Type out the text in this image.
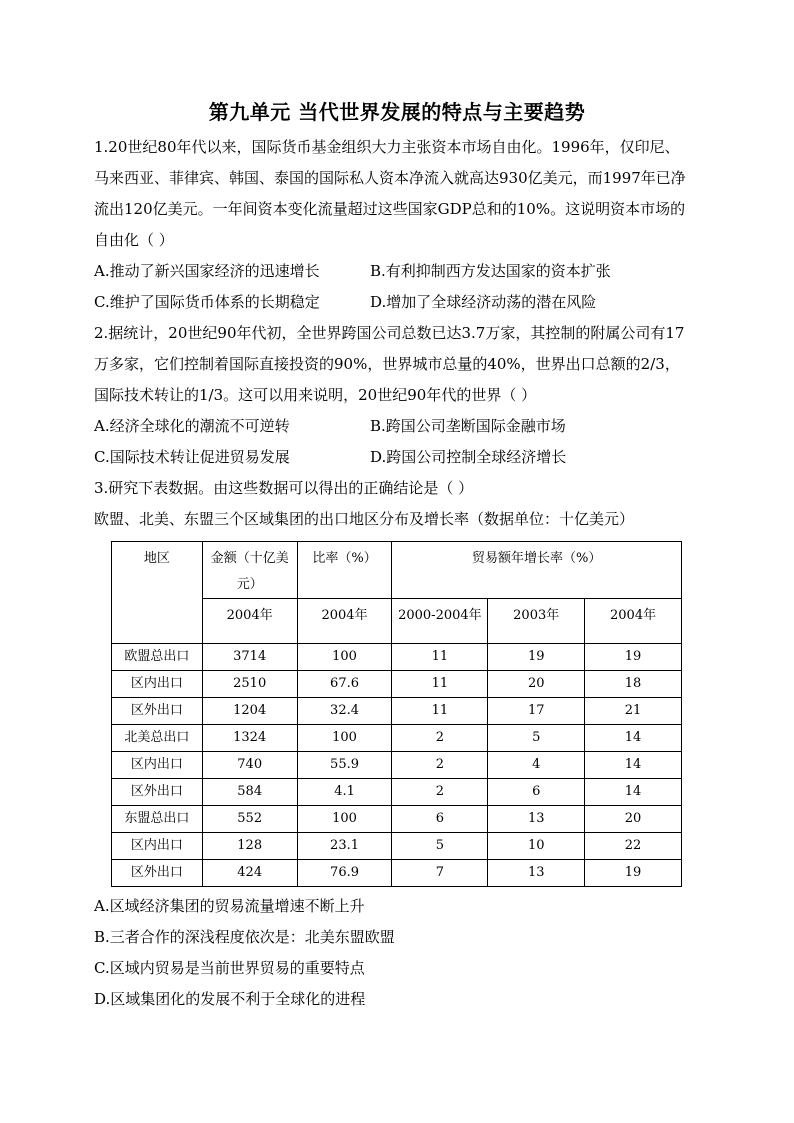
第九单元 当代世界发展的特点与主要趋势

1.20世纪80年代以来，国际货币基金组织大力主张资本市场自由化。1996年，仅印尼、马来西亚、菲律宾、韩国、泰国的国际私人资本净流入就高达930亿美元，而1997年已净流出120亿美元。一年间资本变化流量超过这些国家GDP总和的10%。这说明资本市场的自由化（ ）

A.推动了新兴国家经济的迅速增长	B.有利抑制西方发达国家的资本扩张
C.维护了国际货币体系的长期稳定	D.增加了全球经济动荡的潜在风险

2.据统计，20世纪90年代初，全世界跨国公司总数已达3.7万家，其控制的附属公司有17万多家，它们控制着国际直接投资的90%，世界城市总量的40%，世界出口总额的2/3，国际技术转让的1/3。这可以用来说明，20世纪90年代的世界（ ）

A.经济全球化的潮流不可逆转	B.跨国公司垄断国际金融市场
C.国际技术转让促进贸易发展	D.跨国公司控制全球经济增长

3.研究下表数据。由这些数据可以得出的正确结论是（ ）

欧盟、北美、东盟三个区域集团的出口地区分布及增长率（数据单位：十亿美元）

地区	金额（十亿美元）	比率（%）	贸易额年增长率（%）		
	2004年	2004年	2000-2004年	2003年	2004年
欧盟总出口	3714	100	11	19	19
区内出口	2510	67.6	11	20	18
区外出口	1204	32.4	11	17	21
北美总出口	1324	100	2	5	14
区内出口	740	55.9	2	4	14
区外出口	584	4.1	2	6	14
东盟总出口	552	100	6	13	20
区内出口	128	23.1	5	10	22
区外出口	424	76.9	7	13	19

A.区域经济集团的贸易流量增速不断上升

B.三者合作的深浅程度依次是：北美东盟欧盟

C.区域内贸易是当前世界贸易的重要特点

D.区域集团化的发展不利于全球化的进程
